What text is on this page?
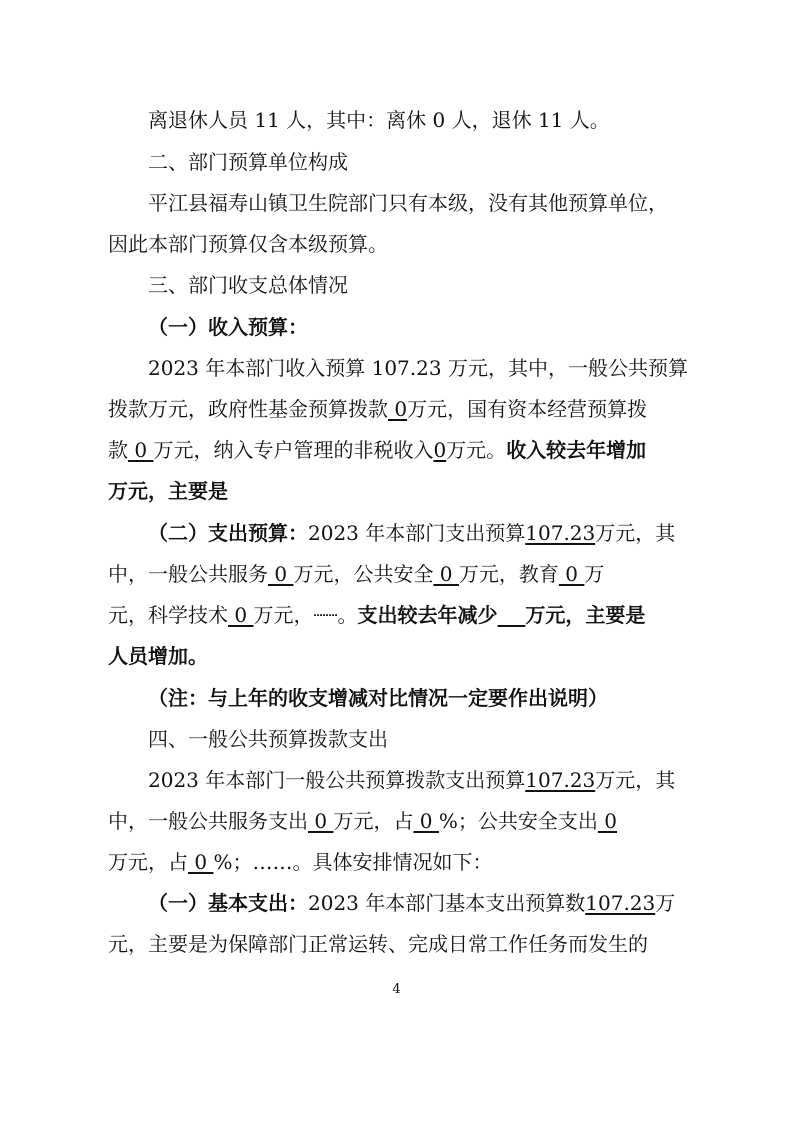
离退休人员 11 人，其中：离休 0 人，退休 11 人。
二、部门预算单位构成
平江县福寿山镇卫生院部门只有本级，没有其他预算单位，
因此本部门预算仅含本级预算。
三、部门收支总体情况
（一）收入预算：
2023 年本部门收入预算 107.23 万元，其中，一般公共预算
拨款万元，政府性基金预算拨款 0万元，国有资本经营预算拨
款 0 万元，纳入专户管理的非税收入0万元。收入较去年增加
万元，主要是
（二）支出预算：2023 年本部门支出预算107.23万元，其
中，一般公共服务 0 万元，公共安全 0 万元，教育 0 万
元，科学技术 0 万元，┈┈。支出较去年减少 万元，主要是
人员增加。
（注：与上年的收支增减对比情况一定要作出说明）
四、一般公共预算拨款支出
2023 年本部门一般公共预算拨款支出预算107.23万元，其
中，一般公共服务支出 0 万元，占 0 %；公共安全支出 0
万元，占 0 %；……。具体安排情况如下：
（一）基本支出：2023 年本部门基本支出预算数107.23万
元，主要是为保障部门正常运转、完成日常工作任务而发生的
4
